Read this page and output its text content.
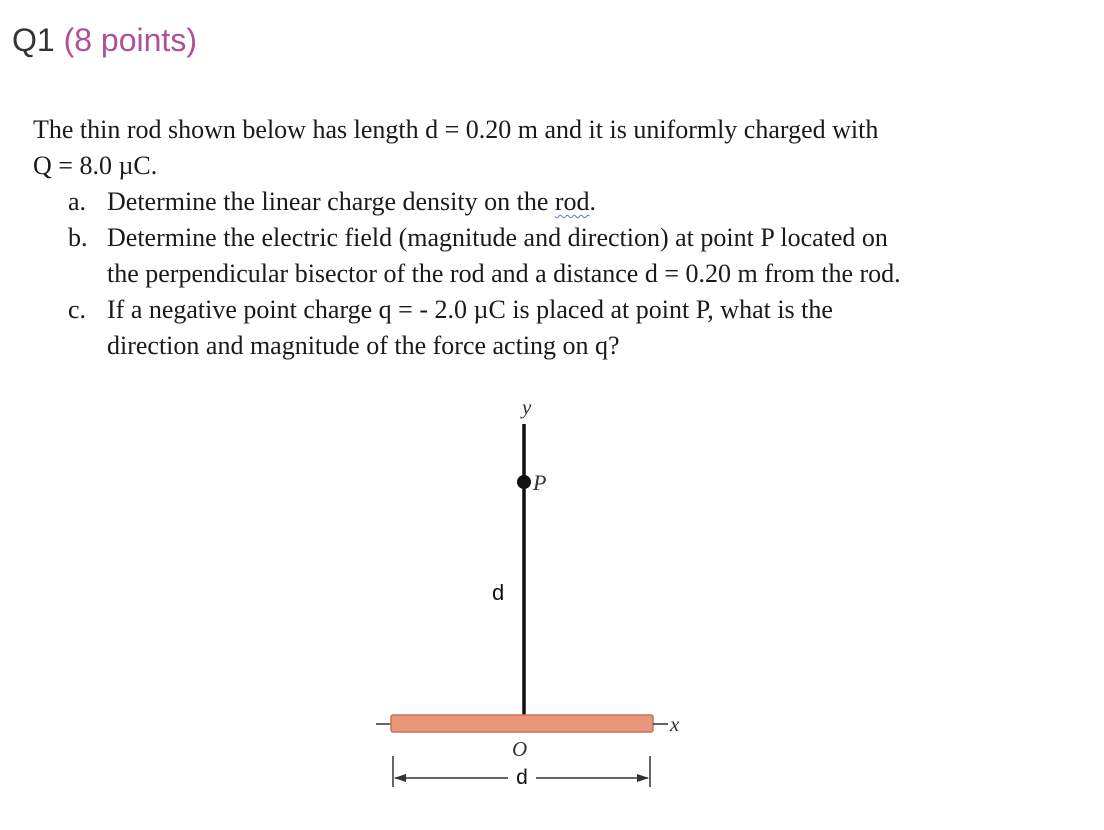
Q1 (8 points)
The thin rod shown below has length d = 0.20 m and it is uniformly charged with
Q = 8.0 µC.
a. Determine the linear charge density on the rod.
b. Determine the electric field (magnitude and direction) at point P located on
the perpendicular bisector of the rod and a distance d = 0.20 m from the rod.
c. If a negative point charge q = - 2.0 µC is placed at point P, what is the
direction and magnitude of the force acting on q?
y
P
d
x
O
d
